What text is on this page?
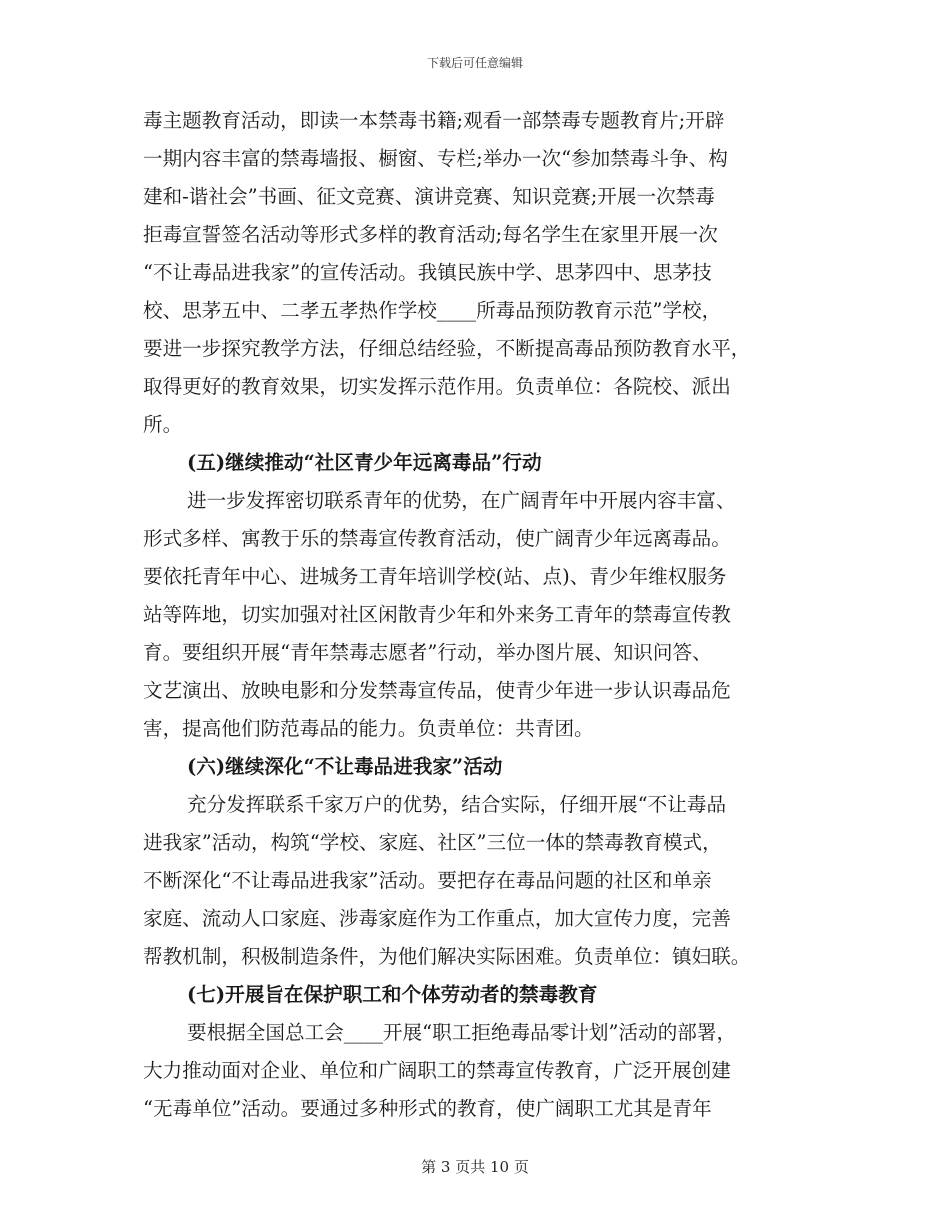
下载后可任意编辑
毒主题教育活动，即读一本禁毒书籍;观看一部禁毒专题教育片;开辟
一期内容丰富的禁毒墙报、橱窗、专栏;举办一次“参加禁毒斗争、构
建和-谐社会”书画、征文竞赛、演讲竞赛、知识竞赛;开展一次禁毒
拒毒宣誓签名活动等形式多样的教育活动;每名学生在家里开展一次
“不让毒品进我家”的宣传活动。我镇民族中学、思茅四中、思茅技
校、思茅五中、二孝五孝热作学校____所毒品预防教育示范”学校，
要进一步探究教学方法，仔细总结经验，不断提高毒品预防教育水平，
取得更好的教育效果，切实发挥示范作用。负责单位：各院校、派出
所。
(五)继续推动“社区青少年远离毒品”行动
进一步发挥密切联系青年的优势，在广阔青年中开展内容丰富、
形式多样、寓教于乐的禁毒宣传教育活动，使广阔青少年远离毒品。
要依托青年中心、进城务工青年培训学校(站、点)、青少年维权服务
站等阵地，切实加强对社区闲散青少年和外来务工青年的禁毒宣传教
育。要组织开展“青年禁毒志愿者”行动，举办图片展、知识问答、
文艺演出、放映电影和分发禁毒宣传品，使青少年进一步认识毒品危
害，提高他们防范毒品的能力。负责单位：共青团。
(六)继续深化“不让毒品进我家”活动
充分发挥联系千家万户的优势，结合实际，仔细开展“不让毒品
进我家”活动，构筑“学校、家庭、社区”三位一体的禁毒教育模式，
不断深化“不让毒品进我家”活动。要把存在毒品问题的社区和单亲
家庭、流动人口家庭、涉毒家庭作为工作重点，加大宣传力度，完善
帮教机制，积极制造条件，为他们解决实际困难。负责单位：镇妇联。
(七)开展旨在保护职工和个体劳动者的禁毒教育
要根据全国总工会____开展“职工拒绝毒品零计划”活动的部署，
大力推动面对企业、单位和广阔职工的禁毒宣传教育，广泛开展创建
“无毒单位”活动。要通过多种形式的教育，使广阔职工尤其是青年
第 3 页共 10 页
